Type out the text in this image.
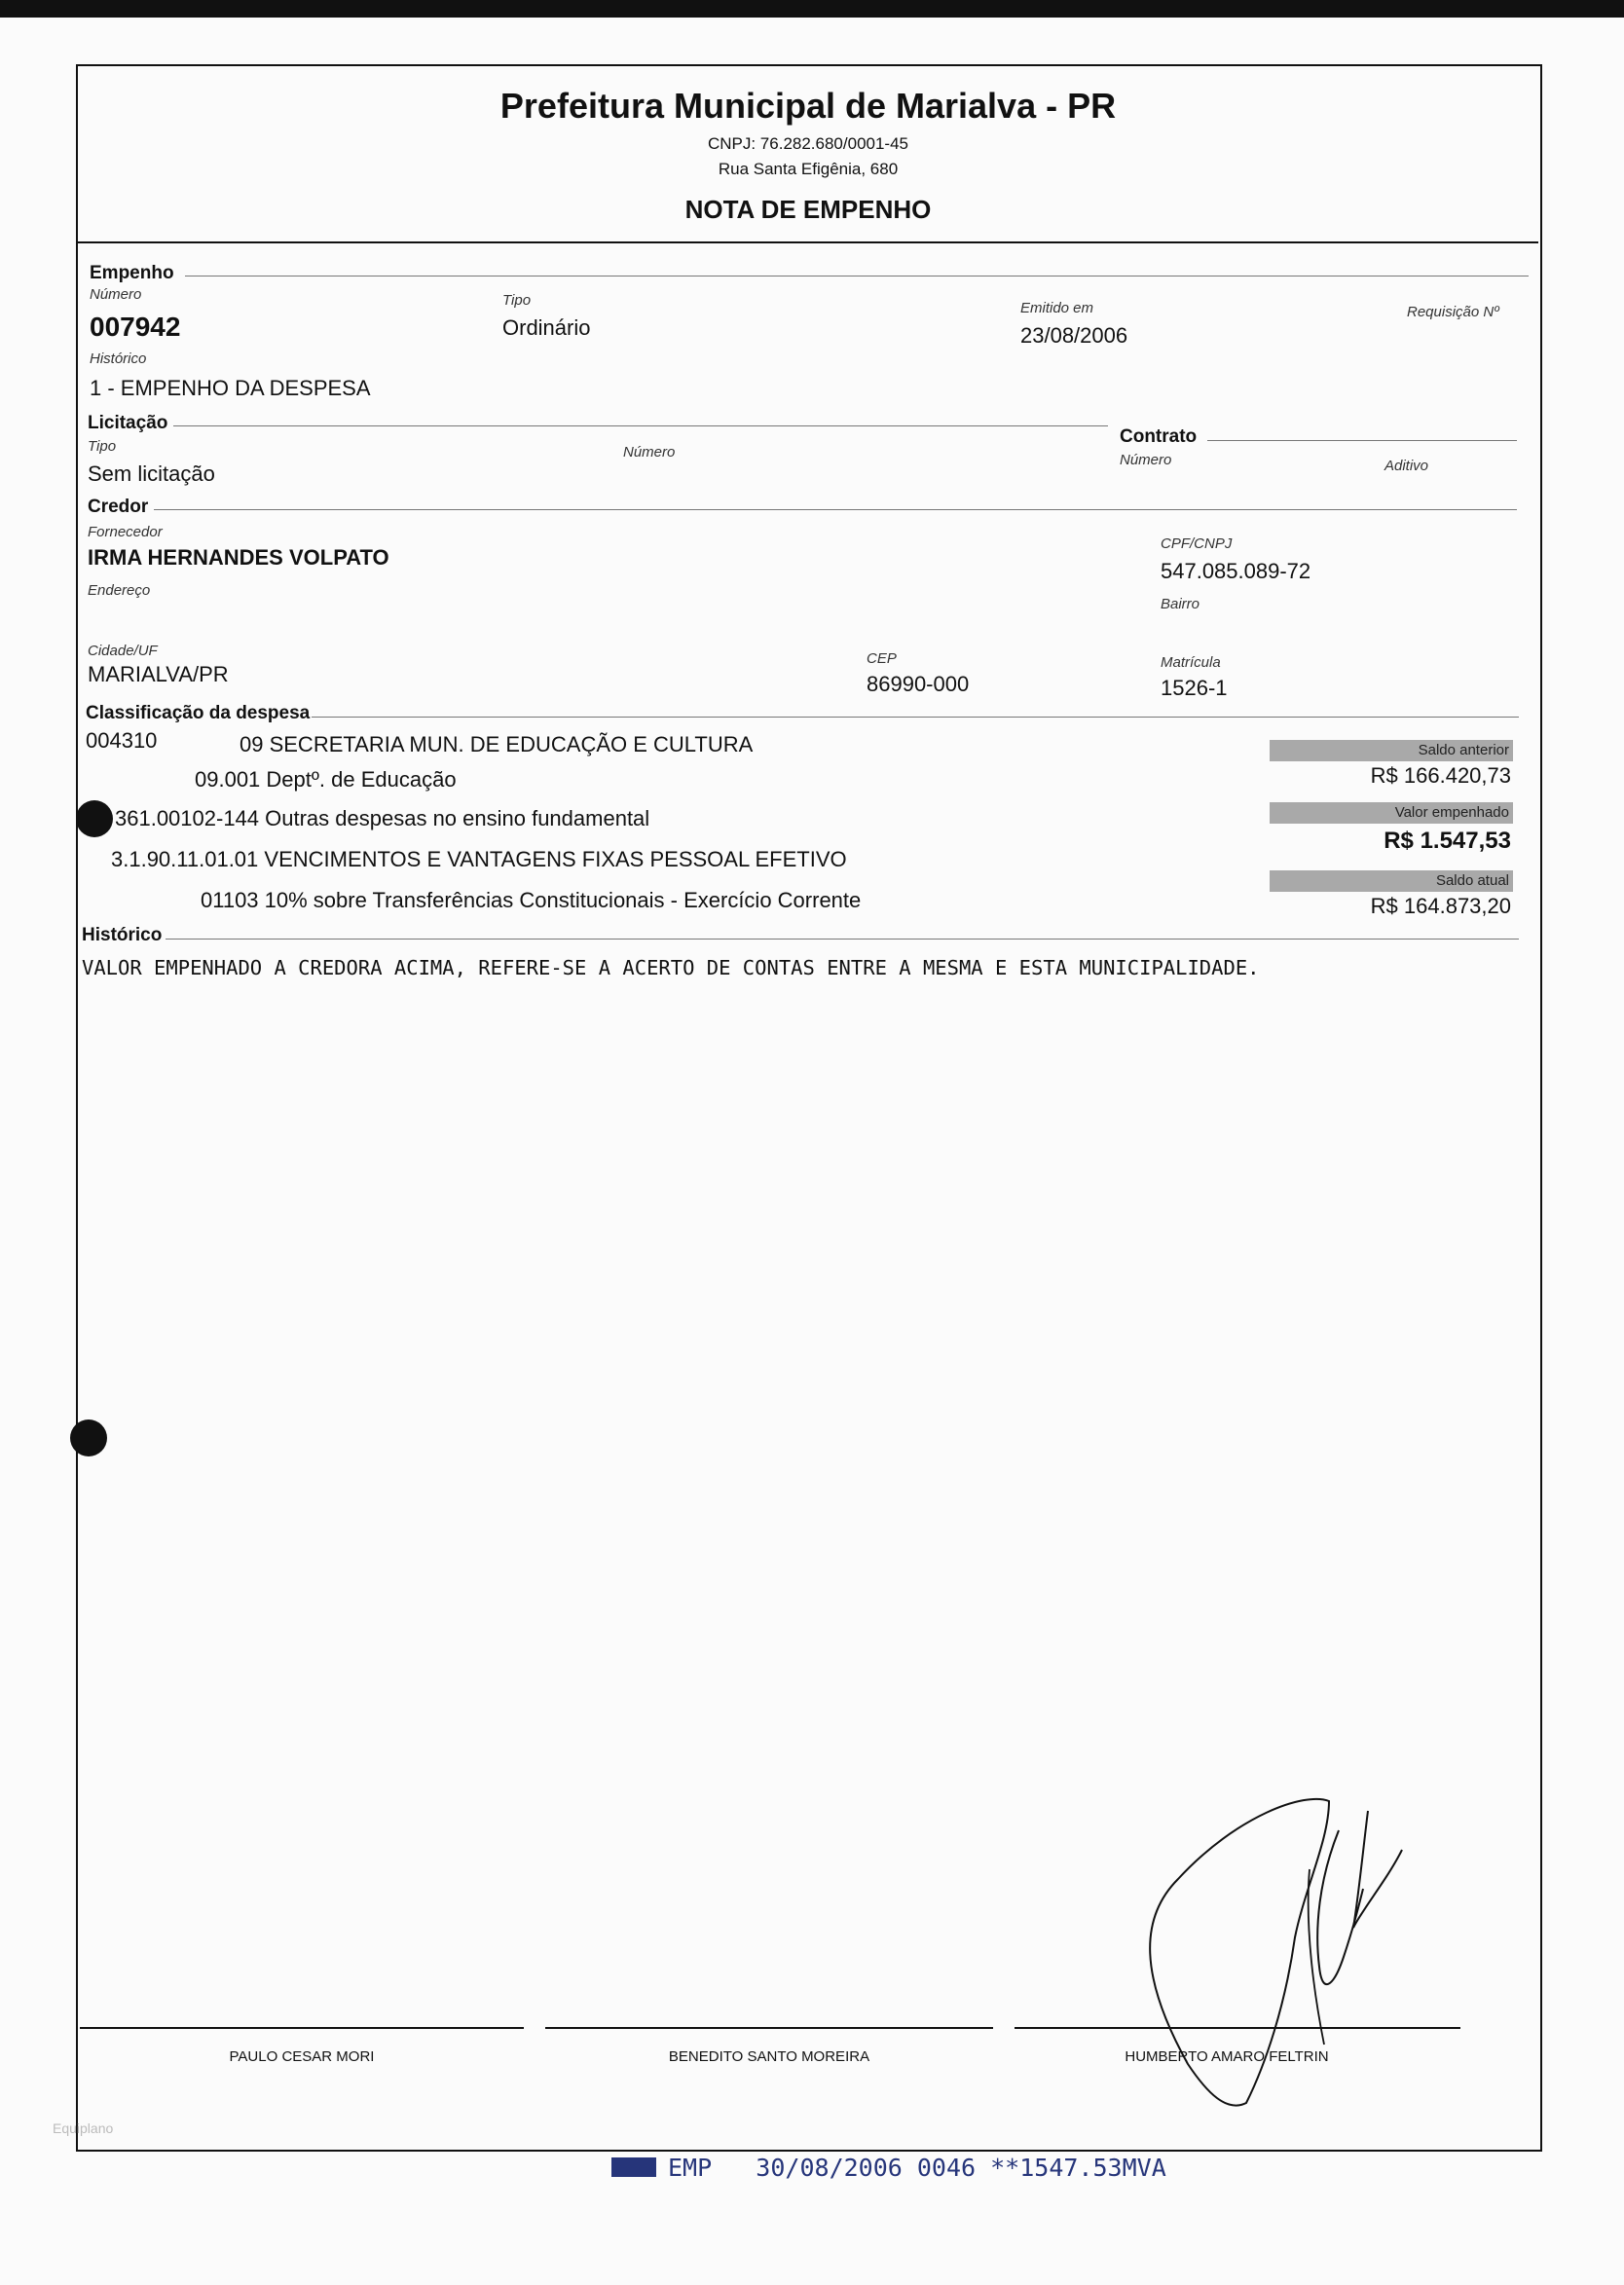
Prefeitura Municipal de Marialva - PR
CNPJ: 76.282.680/0001-45
Rua Santa Efigênia, 680
NOTA DE EMPENHO
Empenho
Número
007942
Tipo
Ordinário
Emitido em
23/08/2006
Requisição Nº
Histórico
1 - EMPENHO DA DESPESA
Licitação
Tipo
Sem licitação
Número
Contrato
Número	Aditivo
Credor
Fornecedor
IRMA HERNANDES VOLPATO
CPF/CNPJ
547.085.089-72
Endereço
Bairro
Cidade/UF
MARIALVA/PR
CEP
86990-000
Matrícula
1526-1
Classificação da despesa
004310	09 SECRETARIA MUN. DE EDUCAÇÃO E CULTURA
09.001 Deptº. de Educação
361.00102-144 Outras despesas no ensino fundamental
3.1.90.11.01.01 VENCIMENTOS E VANTAGENS FIXAS PESSOAL EFETIVO
01103 10% sobre Transferências Constitucionais - Exercício Corrente
Saldo anterior
R$ 166.420,73
Valor empenhado
R$ 1.547,53
Saldo atual
R$ 164.873,20
Histórico
VALOR EMPENHADO A CREDORA ACIMA, REFERE-SE A ACERTO DE CONTAS ENTRE A MESMA E ESTA MUNICIPALIDADE.
PAULO CESAR MORI	BENEDITO SANTO MOREIRA	HUMBERTO AMARO FELTRIN
Equiplano
EMP   30/08/2006 0046 **1547.53MVA
